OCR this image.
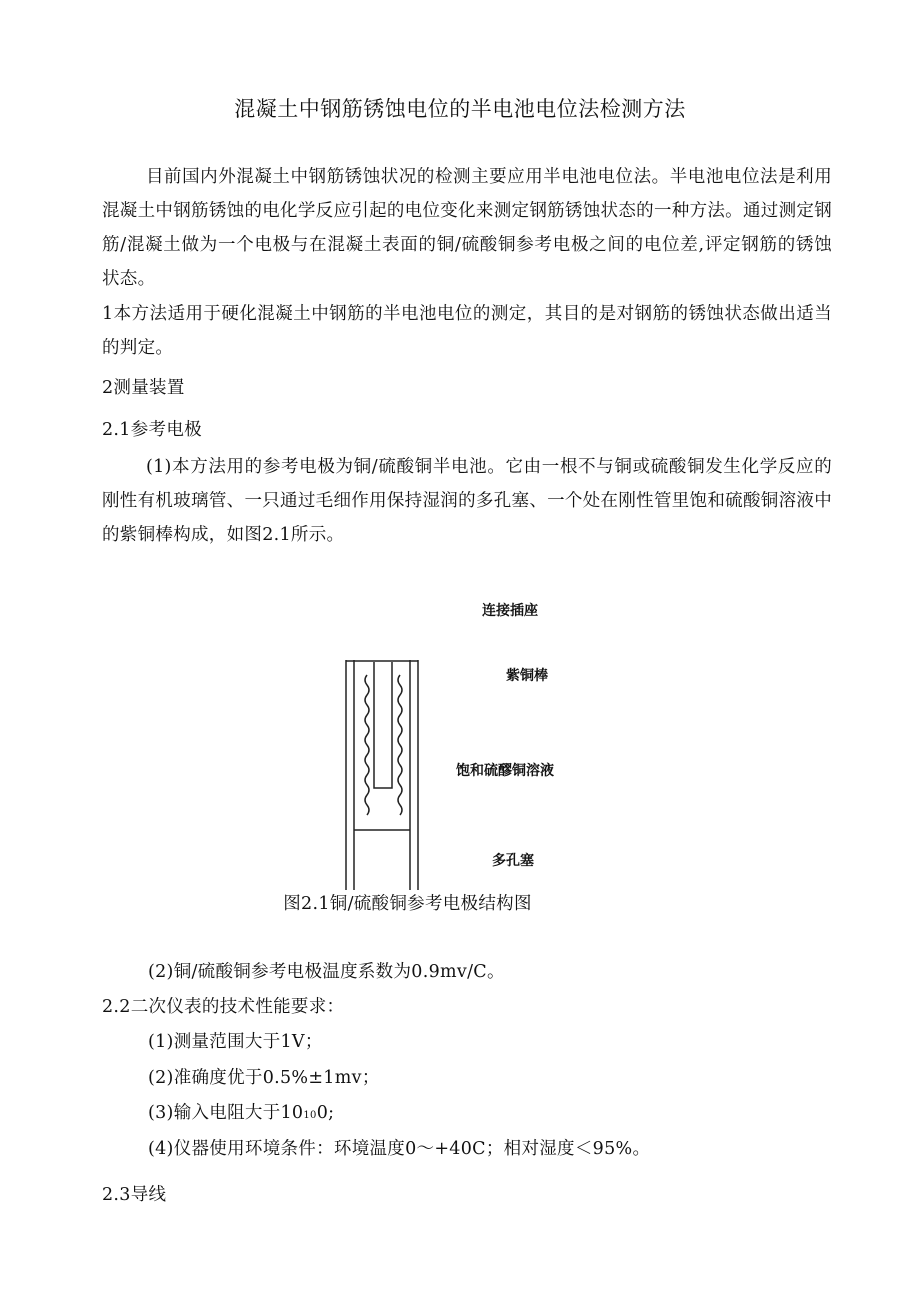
混凝土中钢筋锈蚀电位的半电池电位法检测方法

目前国内外混凝土中钢筋锈蚀状况的检测主要应用半电池电位法。半电池电位法是利用混凝土中钢筋锈蚀的电化学反应引起的电位变化来测定钢筋锈蚀状态的一种方法。通过测定钢筋/混凝土做为一个电极与在混凝土表面的铜/硫酸铜参考电极之间的电位差,评定钢筋的锈蚀状态。

1本方法适用于硬化混凝土中钢筋的半电池电位的测定，其目的是对钢筋的锈蚀状态做出适当的判定。

2测量装置

2.1参考电极

(1)本方法用的参考电极为铜/硫酸铜半电池。它由一根不与铜或硫酸铜发生化学反应的刚性有机玻璃管、一只通过毛细作用保持湿润的多孔塞、一个处在刚性管里饱和硫酸铜溶液中的紫铜棒构成，如图2.1所示。

连接插座
紫铜棒
饱和硫醪铜溶液
多孔塞

图2.1铜/硫酸铜参考电极结构图

(2)铜/硫酸铜参考电极温度系数为0.9mv/C。

2.2二次仪表的技术性能要求：

(1)测量范围大于1V；

(2)准确度优于0.5%±1mv；

(3)输入电阻大于10100;

(4)仪器使用环境条件：环境温度0～+40C；相对湿度＜95%。

2.3导线
